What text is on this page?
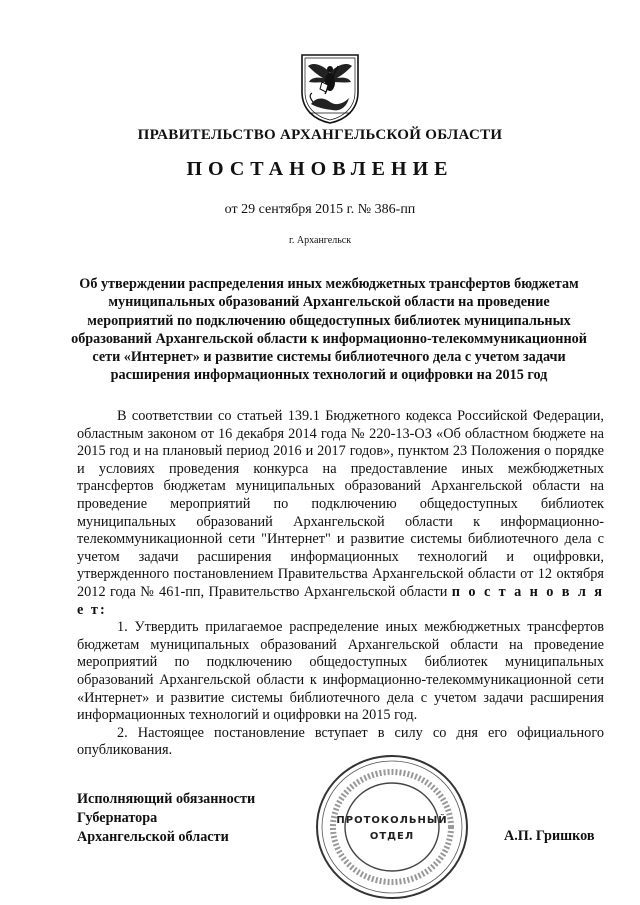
ПРАВИТЕЛЬСТВО АРХАНГЕЛЬСКОЙ ОБЛАСТИ
ПОСТАНОВЛЕНИЕ
от 29 сентября 2015 г. № 386-пп
г. Архангельск
Об утверждении распределения иных межбюджетных трансфертов бюджетам муниципальных образований Архангельской области на проведение мероприятий по подключению общедоступных библиотек муниципальных образований Архангельской области к информационно-телекоммуникационной сети «Интернет» и развитие системы библиотечного дела с учетом задачи расширения информационных технологий и оцифровки на 2015 год

В соответствии со статьей 139.1 Бюджетного кодекса Российской Федерации, областным законом от 16 декабря 2014 года № 220-13-ОЗ «Об областном бюджете на 2015 год и на плановый период 2016 и 2017 годов», пунктом 23 Положения о порядке и условиях проведения конкурса на предоставление иных межбюджетных трансфертов бюджетам муниципальных образований Архангельской области на проведение мероприятий по подключению общедоступных библиотек муниципальных образований Архангельской области к информационно-телекоммуникационной сети "Интернет" и развитие системы библиотечного дела с учетом задачи расширения информационных технологий и оцифровки, утвержденного постановлением Правительства Архангельской области от 12 октября 2012 года № 461-пп, Правительство Архангельской области п о с т а н о в л я е т:

1. Утвердить прилагаемое распределение иных межбюджетных трансфертов бюджетам муниципальных образований Архангельской области на проведение мероприятий по подключению общедоступных библиотек муниципальных образований Архангельской области к информационно-телекоммуникационной сети «Интернет» и развитие системы библиотечного дела с учетом задачи расширения информационных технологий и оцифровки на 2015 год.

2. Настоящее постановление вступает в силу со дня его официального опубликования.

ПРОТОКОЛЬНЫЙ
ОТДЕЛ
Исполняющий обязанности
Губернатора
Архангельской области	А.П. Гришков
